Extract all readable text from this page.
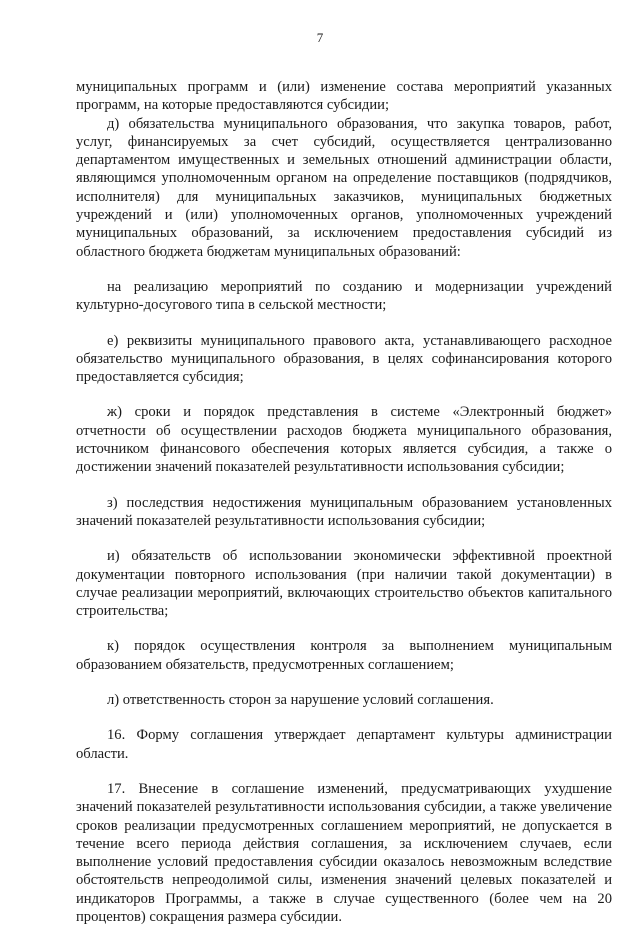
7

муниципальных программ и (или) изменение состава мероприятий указанных программ, на которые предоставляются субсидии;

д) обязательства муниципального образования, что закупка товаров, работ, услуг, финансируемых за счет субсидий, осуществляется централизованно департаментом имущественных и земельных отношений администрации области, являющимся уполномоченным органом на определение поставщиков (подрядчиков, исполнителя) для муниципальных заказчиков, муниципальных бюджетных учреждений и (или) уполномоченных органов, уполномоченных учреждений муниципальных образований, за исключением предоставления субсидий из областного бюджета бюджетам муниципальных образований:

на реализацию мероприятий по созданию и модернизации учреждений культурно-досугового типа в сельской местности;

е) реквизиты муниципального правового акта, устанавливающего расходное обязательство муниципального образования, в целях софинансирования которого предоставляется субсидия;

ж) сроки и порядок представления в системе «Электронный бюджет» отчетности об осуществлении расходов бюджета муниципального образования, источником финансового обеспечения которых является субсидия, а также о достижении значений показателей результативности использования субсидии;

з) последствия недостижения муниципальным образованием установленных значений показателей результативности использования субсидии;

и) обязательств об использовании экономически эффективной проектной документации повторного использования (при наличии такой документации) в случае реализации мероприятий, включающих строительство объектов капитального строительства;

к) порядок осуществления контроля за выполнением муниципальным образованием обязательств, предусмотренных соглашением;

л) ответственность сторон за нарушение условий соглашения.

16. Форму соглашения утверждает департамент культуры администрации области.

17. Внесение в соглашение изменений, предусматривающих ухудшение значений показателей результативности использования субсидии, а также увеличение сроков реализации предусмотренных соглашением мероприятий, не допускается в течение всего периода действия соглашения, за исключением случаев, если выполнение условий предоставления субсидии оказалось невозможным вследствие обстоятельств непреодолимой силы, изменения значений целевых показателей и индикаторов Программы, а также в случае существенного (более чем на 20 процентов) сокращения размера субсидии.
